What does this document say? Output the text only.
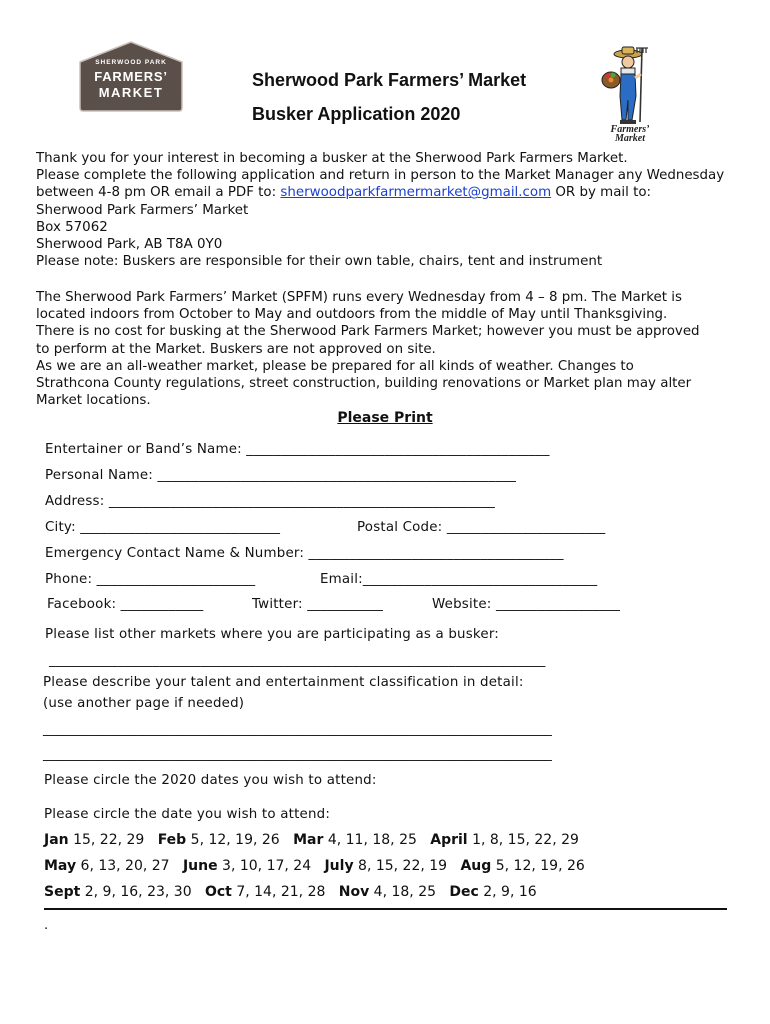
SHERWOOD PARK
FARMERS’
MARKET
Farmers’
Market
Sherwood Park Farmers’ Market
Busker Application 2020
Thank you for your interest in becoming a busker at the Sherwood Park Farmers Market.
Please complete the following application and return in person to the Market Manager any Wednesday
between 4-8 pm OR email a PDF to: sherwoodparkfarmermarket@gmail.com OR by mail to:
Sherwood Park Farmers’ Market
Box 57062
Sherwood Park, AB T8A 0Y0
Please note: Buskers are responsible for their own table, chairs, tent and instrument
The Sherwood Park Farmers’ Market (SPFM) runs every Wednesday from 4 – 8 pm. The Market is
located indoors from October to May and outdoors from the middle of May until Thanksgiving.
There is no cost for busking at the Sherwood Park Farmers Market; however you must be approved
to perform at the Market. Buskers are not approved on site.
As we are an all-weather market, please be prepared for all kinds of weather. Changes to
Strathcona County regulations, street construction, building renovations or Market plan may alter
Market locations.
Please Print
Entertainer or Band’s Name: ____________________________________________
Personal Name: ____________________________________________________
Address: ________________________________________________________
City: _____________________________	Postal Code: _______________________
Emergency Contact Name & Number: _____________________________________
Phone: _______________________	Email:__________________________________
Facebook: ____________	Twitter: ___________	Website: __________________
Please list other markets where you are participating as a busker:
________________________________________________________________________
Please describe your talent and entertainment classification in detail:
(use another page if needed)
____________________________________________________________________________
____________________________________________________________________________
Please circle the 2020 dates you wish to attend:
Please circle the date you wish to attend:
Jan 15, 22, 29 Feb 5, 12, 19, 26 Mar 4, 11, 18, 25 April 1, 8, 15, 22, 29
May 6, 13, 20, 27 June 3, 10, 17, 24 July 8, 15, 22, 19 Aug 5, 12, 19, 26
Sept 2, 9, 16, 23, 30 Oct 7, 14, 21, 28 Nov 4, 18, 25 Dec 2, 9, 16
.
